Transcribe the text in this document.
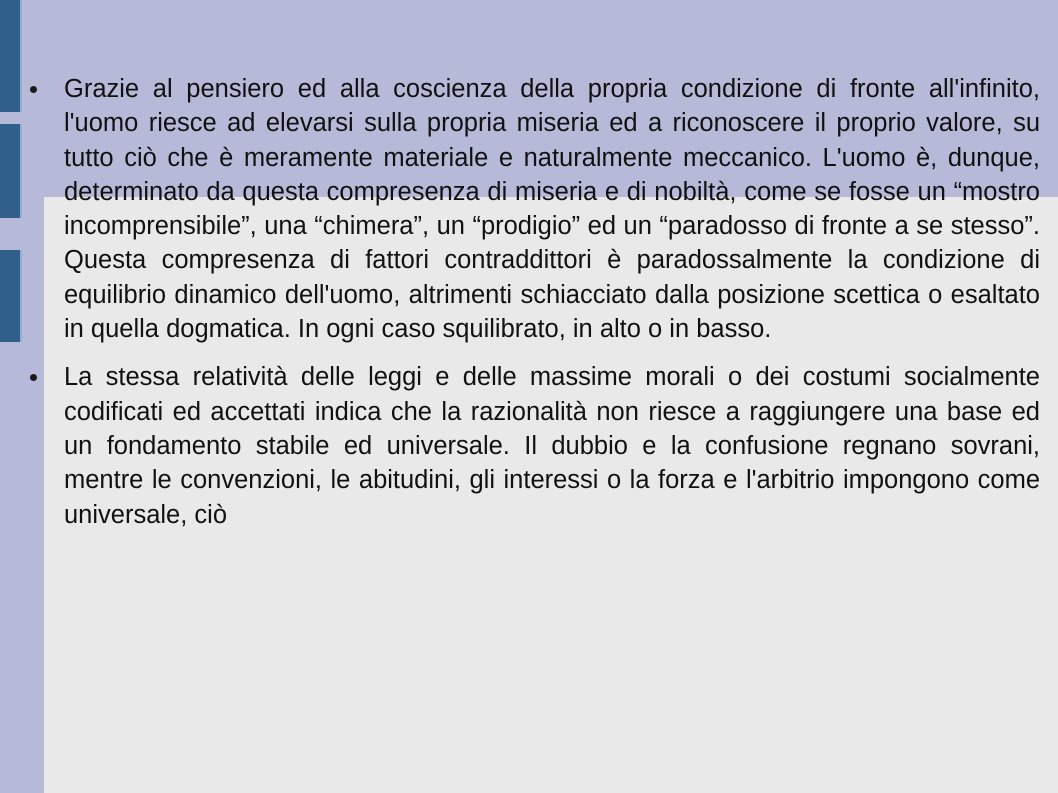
Grazie al pensiero ed alla coscienza della propria condizione di fronte all'infinito, l'uomo riesce ad elevarsi sulla propria miseria ed a riconoscere il proprio valore, su tutto ciò che è meramente materiale e naturalmente meccanico. L'uomo è, dunque, determinato da questa compresenza di miseria e di nobiltà, come se fosse un “mostro incomprensibile”, una “chimera”, un “prodigio” ed un “paradosso di fronte a se stesso”. Questa compresenza di fattori contraddittori è paradossalmente la condizione di equilibrio dinamico dell'uomo, altrimenti schiacciato dalla posizione scettica o esaltato in quella dogmatica. In ogni caso squilibrato, in alto o in basso.

La stessa relatività delle leggi e delle massime morali o dei costumi socialmente codificati ed accettati indica che la razionalità non riesce a raggiungere una base ed un fondamento stabile ed universale. Il dubbio e la confusione regnano sovrani, mentre le convenzioni, le abitudini, gli interessi o la forza e l'arbitrio impongono come universale, ciò
